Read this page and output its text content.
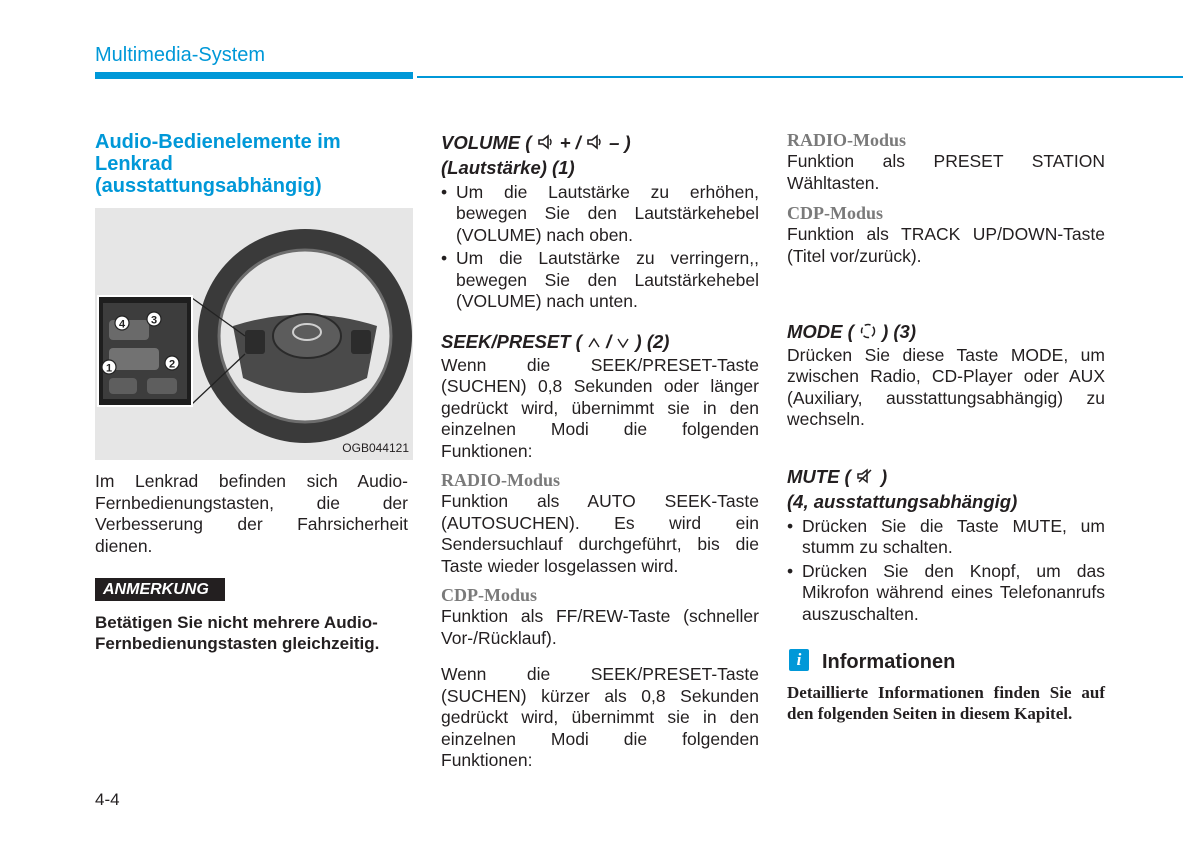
Multimedia-System
Audio-Bedienelemente im Lenkrad (ausstattungsabhängig)
4 3
1	2
OGB044121
Im Lenkrad befinden sich Audio-Fernbedienungstasten, die der Verbesserung der Fahrsicherheit dienen.
ANMERKUNG
Betätigen Sie nicht mehrere Audio-Fernbedienungstasten gleichzeitig.
VOLUME ( + / – )
(Lautstärke) (1)
• Um die Lautstärke zu erhöhen, bewegen Sie den Lautstärkehebel (VOLUME) nach oben.
• Um die Lautstärke zu verringern,, bewegen Sie den Lautstärkehebel (VOLUME) nach unten.
SEEK/PRESET ( / ) (2)
Wenn die SEEK/PRESET-Taste (SUCHEN) 0,8 Sekunden oder länger gedrückt wird, übernimmt sie in den einzelnen Modi die folgenden Funktionen:
RADIO-Modus
Funktion als AUTO SEEK-Taste (AUTOSUCHEN). Es wird ein Sendersuchlauf durchgeführt, bis die Taste wieder losgelassen wird.
CDP-Modus
Funktion als FF/REW-Taste (schneller Vor-/Rücklauf).
Wenn die SEEK/PRESET-Taste (SUCHEN) kürzer als 0,8 Sekunden gedrückt wird, übernimmt sie in den einzelnen Modi die folgenden Funktionen:
RADIO-Modus
Funktion als PRESET STATION Wähltasten.
CDP-Modus
Funktion als TRACK UP/DOWN-Taste (Titel vor/zurück).
MODE ( ) (3)
Drücken Sie diese Taste MODE, um zwischen Radio, CD-Player oder AUX (Auxiliary, ausstattungsabhängig) zu wechseln.
MUTE ( )
(4, ausstattungsabhängig)
• Drücken Sie die Taste MUTE, um stumm zu schalten.
• Drücken Sie den Knopf, um das Mikrofon während eines Telefonanrufs auszuschalten.
i	Informationen
Detaillierte Informationen finden Sie auf den folgenden Seiten in diesem Kapitel.
4-4
